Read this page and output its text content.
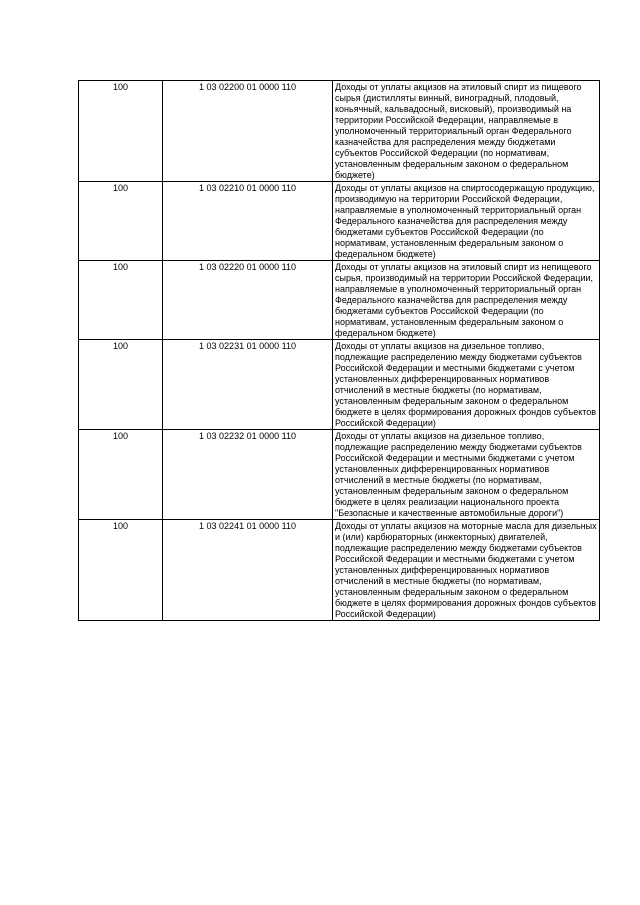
100	1 03 02200 01 0000 110	Доходы от уплаты акцизов на этиловый спирт из пищевого сырья (дистилляты винный, виноградный, плодовый, коньячный, кальвадосный, висковый), производимый на территории Российской Федерации, направляемые в уполномоченный территориальный орган Федерального казначейства для распределения между бюджетами субъектов Российской Федерации (по нормативам, установленным федеральным законом о федеральном бюджете)
100	1 03 02210 01 0000 110	Доходы от уплаты акцизов на спиртосодержащую продукцию, производимую на территории Российской Федерации, направляемые в уполномоченный территориальный орган Федерального казначейства для распределения между бюджетами субъектов Российской Федерации (по нормативам, установленным федеральным законом о федеральном бюджете)
100	1 03 02220 01 0000 110	Доходы от уплаты акцизов на этиловый спирт из непищевого сырья, производимый на территории Российской Федерации, направляемые в уполномоченный территориальный орган Федерального казначейства для распределения между бюджетами субъектов Российской Федерации (по нормативам, установленным федеральным законом о федеральном бюджете)
100	1 03 02231 01 0000 110	Доходы от уплаты акцизов на дизельное топливо, подлежащие распределению между бюджетами субъектов Российской Федерации и местными бюджетами с учетом установленных дифференцированных нормативов отчислений в местные бюджеты (по нормативам, установленным федеральным законом о федеральном бюджете в целях формирования дорожных фондов субъектов Российской Федерации)
100	1 03 02232 01 0000 110	Доходы от уплаты акцизов на дизельное топливо, подлежащие распределению между бюджетами субъектов Российской Федерации и местными бюджетами с учетом установленных дифференцированных нормативов отчислений в местные бюджеты (по нормативам, установленным федеральным законом о федеральном бюджете в целях реализации национального проекта "Безопасные и качественные автомобильные дороги")
100	1 03 02241 01 0000 110	Доходы от уплаты акцизов на моторные масла для дизельных и (или) карбюраторных (инжекторных) двигателей, подлежащие распределению между бюджетами субъектов Российской Федерации и местными бюджетами с учетом установленных дифференцированных нормативов отчислений в местные бюджеты (по нормативам, установленным федеральным законом о федеральном бюджете в целях формирования дорожных фондов субъектов Российской Федерации)
